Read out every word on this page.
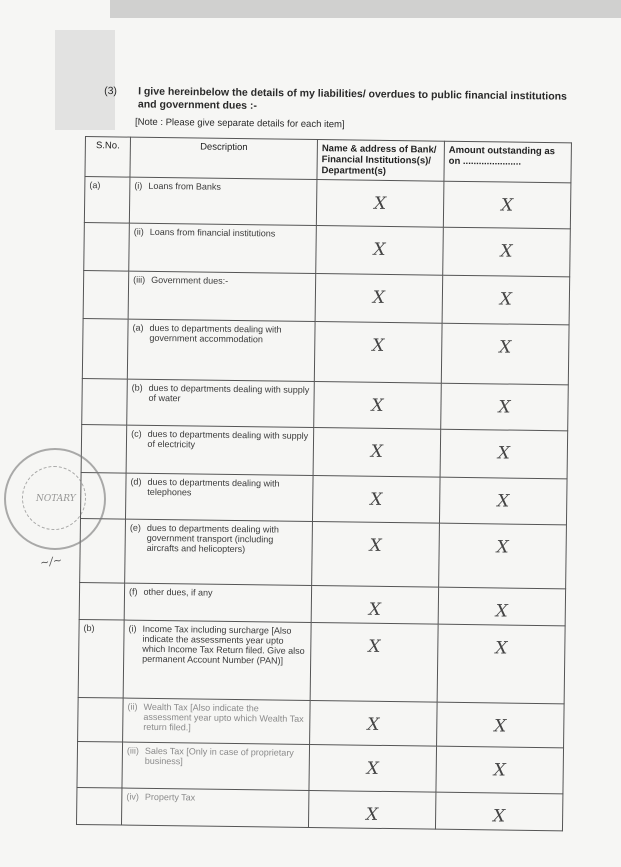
(3)	I give hereinbelow the details of my liabilities/ overdues to public financial institutions and government dues :-
[Note : Please give separate details for each item]
S.No.	Description	Name & address of Bank/ Financial Institutions(s)/ Department(s)	Amount outstanding as on ......................
(a)	(i) Loans from Banks	X	X

	(ii) Loans from financial institutions	X	X

	(iii) Government dues:-	X	X

	(a) dues to departments dealing with government accommodation	X	X

	(b) dues to departments dealing with supply of water	X	X

	(c) dues to departments dealing with supply of electricity	X	X

	(d) dues to departments dealing with telephones	X	X

	(e) dues to departments dealing with government transport (including aircrafts and helicopters)	X	X

	(f) other dues, if any	X	X

(b)	(i) Income Tax including surcharge [Also indicate the assessments year upto which Income Tax Return filed. Give also permanent Account Number (PAN)]	X	X

	(ii) Wealth Tax [Also indicate the assessment year upto which Wealth Tax return filed.]	X	X

	(iii) Sales Tax [Only in case of proprietary business]	X	X

	(iv) Property Tax	X	X
NOTARY
~/~
